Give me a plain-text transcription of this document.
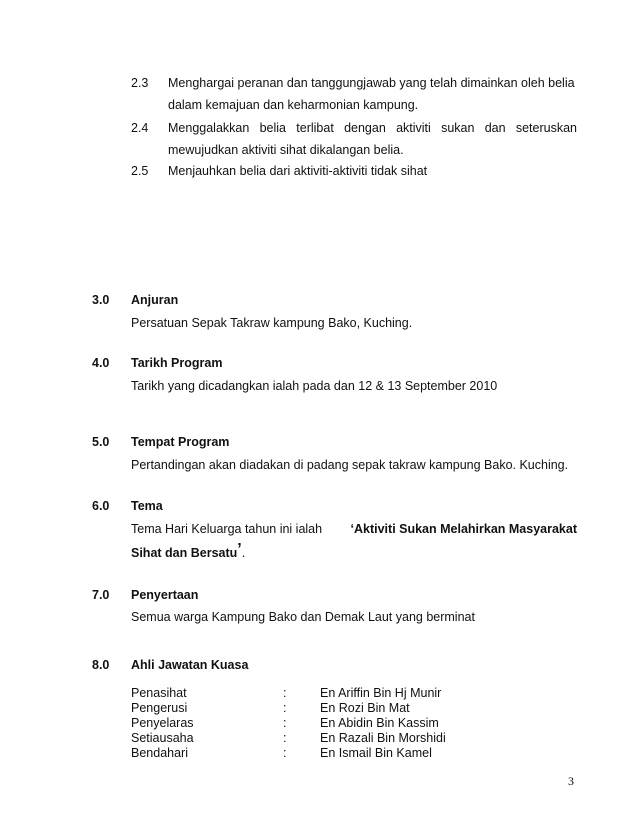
2.3 Menghargai peranan dan tanggungjawab yang telah dimainkan oleh belia
dalam kemajuan dan keharmonian kampung.
2.4 Menggalakkan belia terlibat dengan aktiviti sukan dan seteruskan
mewujudkan aktiviti sihat dikalangan belia.
2.5 Menjauhkan belia dari aktiviti-aktiviti tidak sihat
3.0 Anjuran
Persatuan Sepak Takraw kampung Bako, Kuching.
4.0 Tarikh Program
Tarikh yang dicadangkan ialah pada dan 12 & 13 September 2010
5.0 Tempat Program
Pertandingan akan diadakan di padang sepak takraw kampung Bako. Kuching.
6.0 Tema
Tema Hari Keluarga tahun ini ialah ‘Aktiviti Sukan Melahirkan Masyarakat
Sihat dan Bersatu’.
7.0 Penyertaan
Semua warga Kampung Bako dan Demak Laut yang berminat
8.0 Ahli Jawatan Kuasa
Penasihat	:	En Ariffin Bin Hj Munir
Pengerusi	:	En Rozi Bin Mat
Penyelaras	:	En Abidin Bin Kassim
Setiausaha	:	En Razali Bin Morshidi
Bendahari	:	En Ismail Bin Kamel
3
